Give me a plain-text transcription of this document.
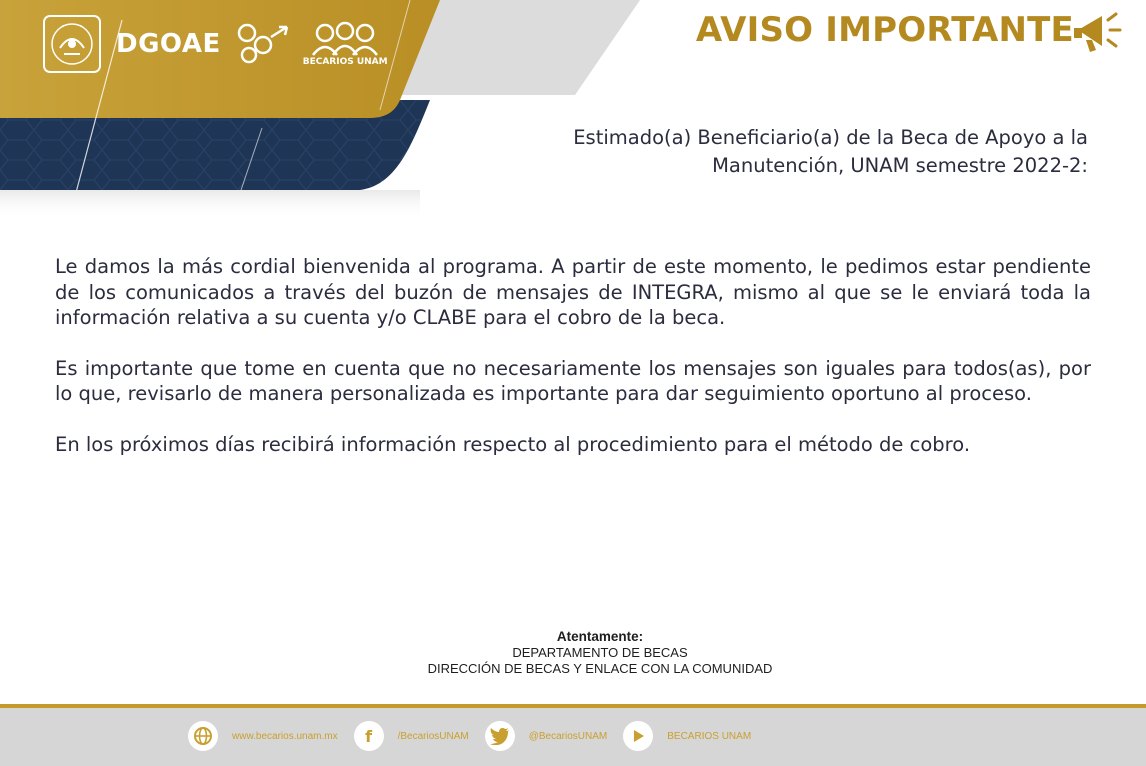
DGOAE
BECARIOS UNAM
AVISO IMPORTANTE
Estimado(a) Beneficiario(a) de la Beca de Apoyo a la
Manutención, UNAM semestre 2022-2:

Le damos la más cordial bienvenida al programa. A partir de este momento, le pedimos estar pendiente de los comunicados a través del buzón de mensajes de INTEGRA, mismo al que se le enviará toda la información relativa a su cuenta y/o CLABE para el cobro de la beca.

Es importante que tome en cuenta que no necesariamente los mensajes son iguales para todos(as), por lo que, revisarlo de manera personalizada es importante para dar seguimiento oportuno al proceso.

En los próximos días recibirá información respecto al procedimiento para el método de cobro.

Atentamente:
DEPARTAMENTO DE BECAS
DIRECCIÓN DE BECAS Y ENLACE CON LA COMUNIDAD
www.becarios.unam.mx	f	/BecariosUNAM	@BecariosUNAM	BECARIOS UNAM
